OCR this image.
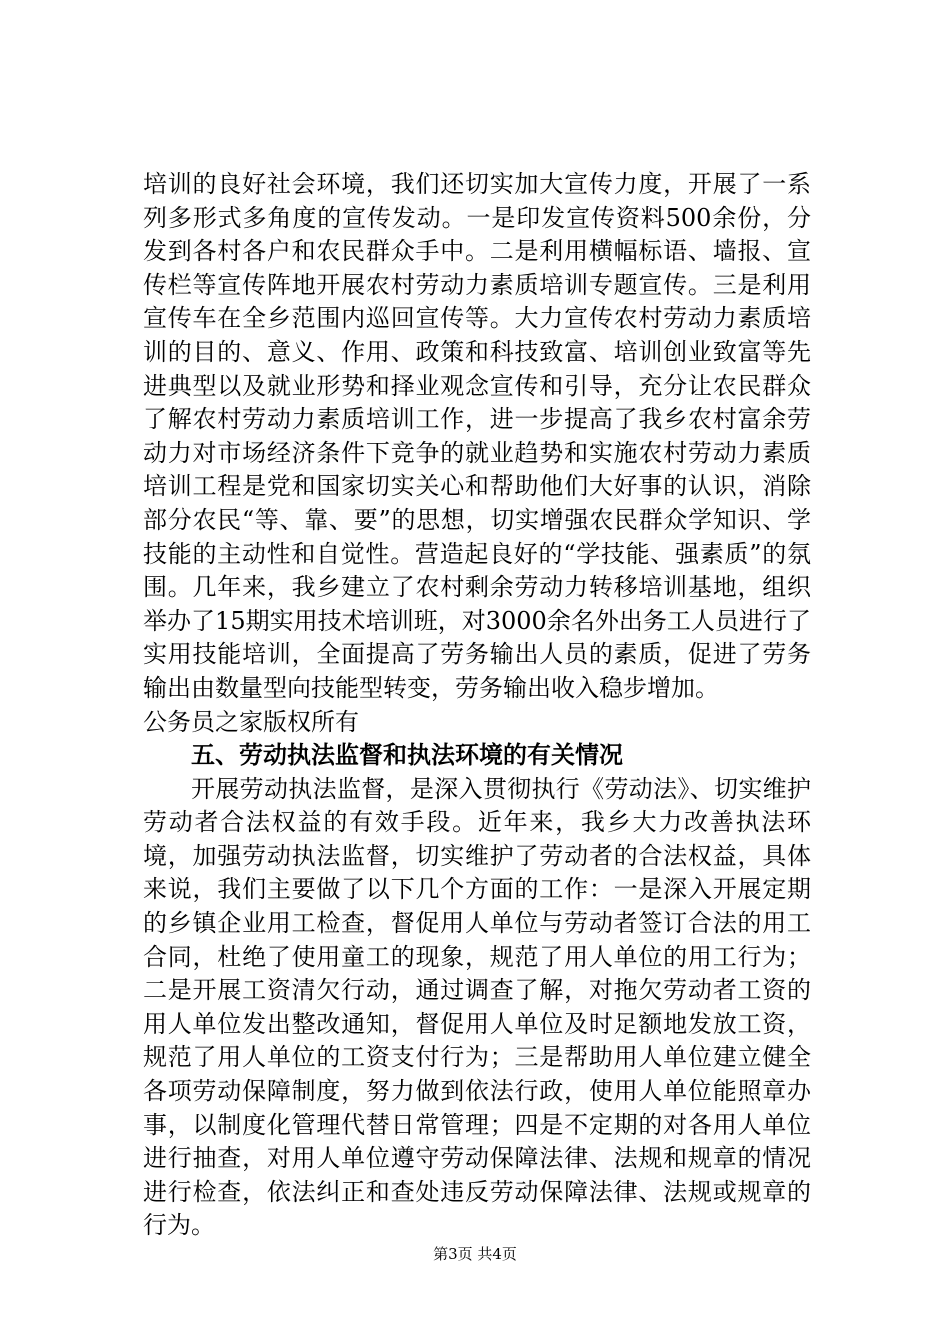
培训的良好社会环境，我们还切实加大宣传力度，开展了一系列多形式多角度的宣传发动。一是印发宣传资料500余份，分发到各村各户和农民群众手中。二是利用横幅标语、墙报、宣传栏等宣传阵地开展农村劳动力素质培训专题宣传。三是利用宣传车在全乡范围内巡回宣传等。大力宣传农村劳动力素质培训的目的、意义、作用、政策和科技致富、培训创业致富等先进典型以及就业形势和择业观念宣传和引导，充分让农民群众了解农村劳动力素质培训工作，进一步提高了我乡农村富余劳动力对市场经济条件下竞争的就业趋势和实施农村劳动力素质培训工程是党和国家切实关心和帮助他们大好事的认识，消除部分农民“等、靠、要”的思想，切实增强农民群众学知识、学技能的主动性和自觉性。营造起良好的“学技能、强素质”的氛围。几年来，我乡建立了农村剩余劳动力转移培训基地，组织举办了15期实用技术培训班，对3000余名外出务工人员进行了实用技能培训，全面提高了劳务输出人员的素质，促进了劳务输出由数量型向技能型转变，劳务输出收入稳步增加。

公务员之家版权所有

五、劳动执法监督和执法环境的有关情况

开展劳动执法监督，是深入贯彻执行《劳动法》、切实维护劳动者合法权益的有效手段。近年来，我乡大力改善执法环境，加强劳动执法监督，切实维护了劳动者的合法权益，具体来说，我们主要做了以下几个方面的工作：一是深入开展定期的乡镇企业用工检查，督促用人单位与劳动者签订合法的用工合同，杜绝了使用童工的现象，规范了用人单位的用工行为；二是开展工资清欠行动，通过调查了解，对拖欠劳动者工资的用人单位发出整改通知，督促用人单位及时足额地发放工资，规范了用人单位的工资支付行为；三是帮助用人单位建立健全各项劳动保障制度，努力做到依法行政，使用人单位能照章办事，以制度化管理代替日常管理；四是不定期的对各用人单位进行抽查，对用人单位遵守劳动保障法律、法规和规章的情况进行检查，依法纠正和查处违反劳动保障法律、法规或规章的行为。

第3页 共4页
